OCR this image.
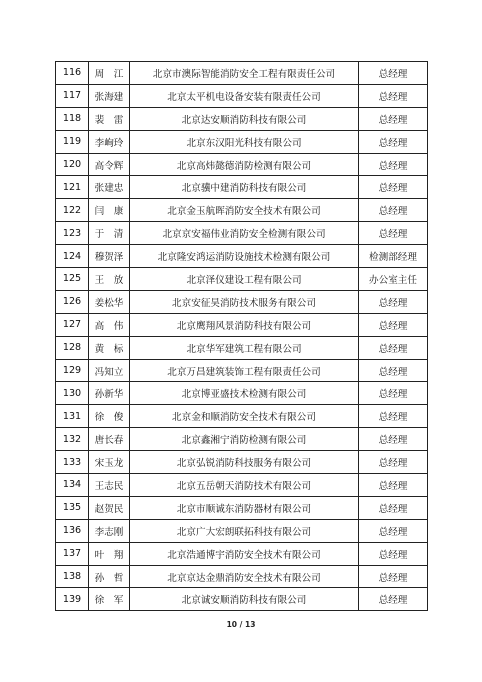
116	周　江	北京市澳际智能消防安全工程有限责任公司	总经理
117	张海建	北京太平机电设备安装有限责任公司	总经理
118	裴　雷	北京达安顺消防科技有限公司	总经理
119	李峋玲	北京东汉阳光科技有限公司	总经理
120	高令辉	北京高炜懿德消防检测有限公司	总经理
121	张建忠	北京骥中建消防科技有限公司	总经理
122	闫　康	北京金玉航晖消防安全技术有限公司	总经理
123	于　清	北京京安福伟业消防安全检测有限公司	总经理
124	穆贺泽	北京隆安鸿运消防设施技术检测有限公司	检测部经理
125	王　放	北京泽仪建设工程有限公司	办公室主任
126	姜松华	北京安征昊消防技术服务有限公司	总经理
127	高　伟	北京鹰翔风景消防科技有限公司	总经理
128	黄　标	北京华军建筑工程有限公司	总经理
129	冯知立	北京万昌建筑装饰工程有限责任公司	总经理
130	孙新华	北京博亚盛技术检测有限公司	总经理
131	徐　俊	北京金和顺消防安全技术有限公司	总经理
132	唐长春	北京鑫湘宁消防检测有限公司	总经理
133	宋玉龙	北京弘锐消防科技服务有限公司	总经理
134	王志民	北京五岳朝天消防技术有限公司	总经理
135	赵贺民	北京市顺诚东消防器材有限公司	总经理
136	李志刚	北京广大宏朗联拓科技有限公司	总经理
137	叶　翔	北京浩通博宇消防安全技术有限公司	总经理
138	孙　哲	北京京达金鼎消防安全技术有限公司	总经理
139	徐　军	北京诚安顺消防科技有限公司	总经理
10 / 13
